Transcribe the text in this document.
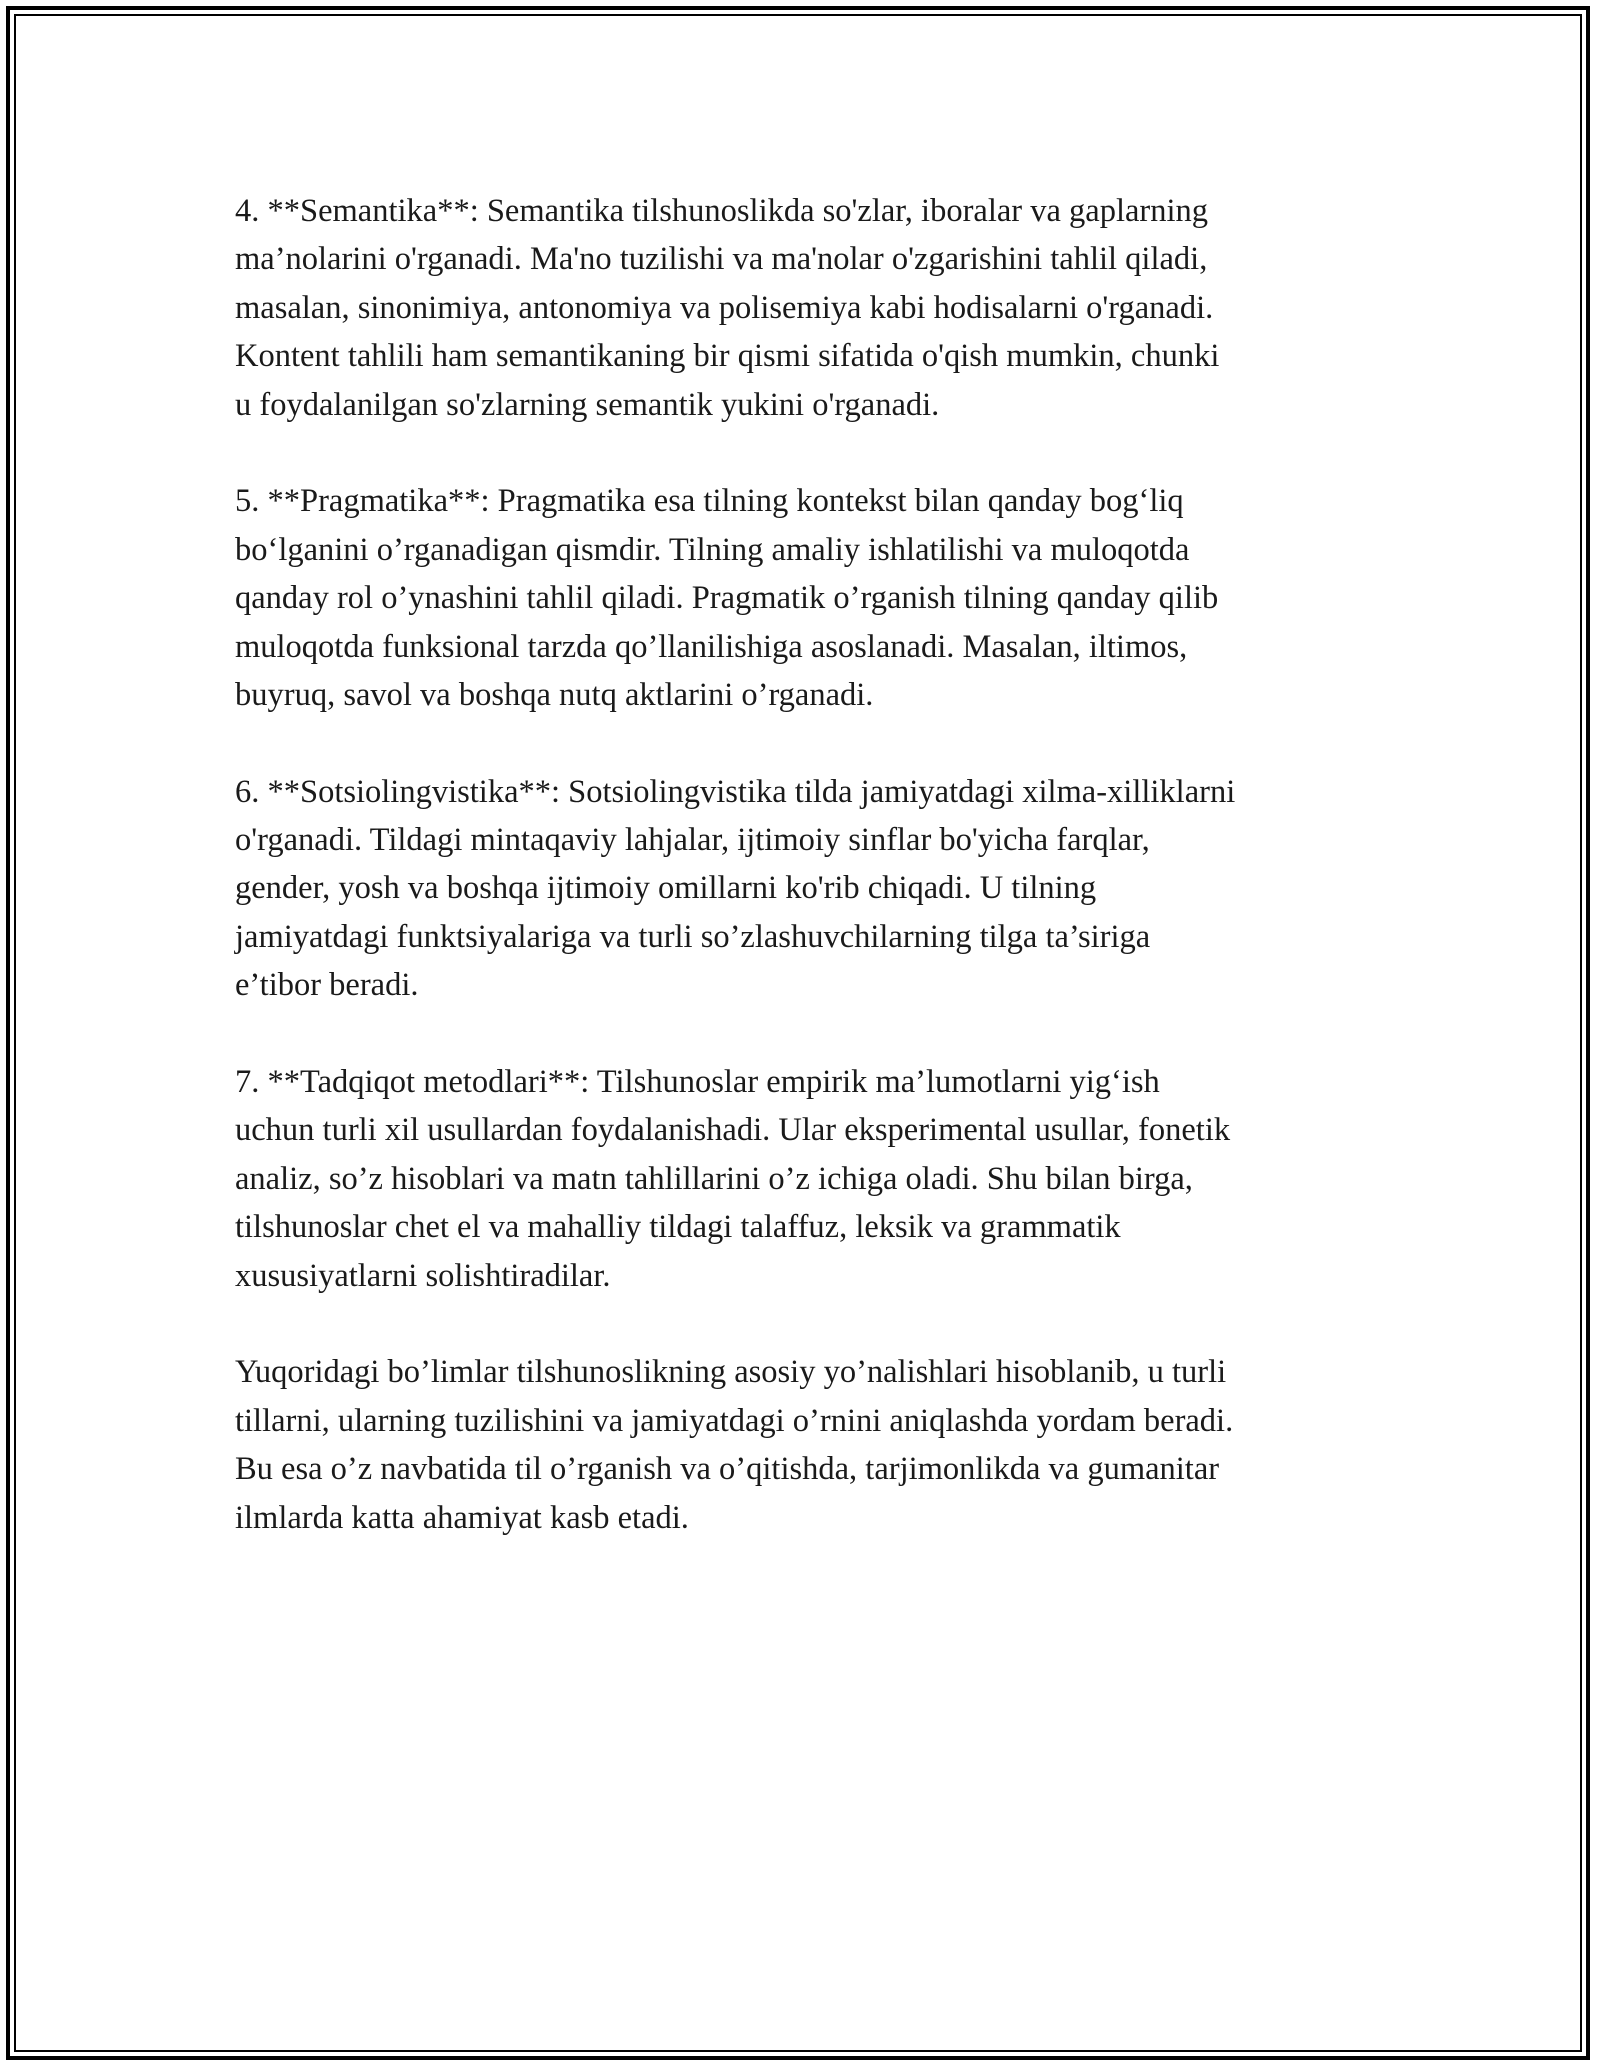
4. **Semantika**: Semantika tilshunoslikda so'zlar, iboralar va gaplarning
ma’nolarini o'rganadi. Ma'no tuzilishi va ma'nolar o'zgarishini tahlil qiladi,
masalan, sinonimiya, antonomiya va polisemiya kabi hodisalarni o'rganadi.
Kontent tahlili ham semantikaning bir qismi sifatida o'qish mumkin, chunki
u foydalanilgan so'zlarning semantik yukini o'rganadi.

5. **Pragmatika**: Pragmatika esa tilning kontekst bilan qanday bog‘liq
bo‘lganini o’rganadigan qismdir. Tilning amaliy ishlatilishi va muloqotda
qanday rol o’ynashini tahlil qiladi. Pragmatik o’rganish tilning qanday qilib
muloqotda funksional tarzda qo’llanilishiga asoslanadi. Masalan, iltimos,
buyruq, savol va boshqa nutq aktlarini o’rganadi.

6. **Sotsiolingvistika**: Sotsiolingvistika tilda jamiyatdagi xilma-xilliklarni
o'rganadi. Tildagi mintaqaviy lahjalar, ijtimoiy sinflar bo'yicha farqlar,
gender, yosh va boshqa ijtimoiy omillarni ko'rib chiqadi. U tilning
jamiyatdagi funktsiyalariga va turli so’zlashuvchilarning tilga ta’siriga
e’tibor beradi.

7. **Tadqiqot metodlari**: Tilshunoslar empirik ma’lumotlarni yig‘ish
uchun turli xil usullardan foydalanishadi. Ular eksperimental usullar, fonetik
analiz, so’z hisoblari va matn tahlillarini o’z ichiga oladi. Shu bilan birga,
tilshunoslar chet el va mahalliy tildagi talaffuz, leksik va grammatik
xususiyatlarni solishtiradilar.

Yuqoridagi bo’limlar tilshunoslikning asosiy yo’nalishlari hisoblanib, u turli
tillarni, ularning tuzilishini va jamiyatdagi o’rnini aniqlashda yordam beradi.
Bu esa o’z navbatida til o’rganish va o’qitishda, tarjimonlikda va gumanitar
ilmlarda katta ahamiyat kasb etadi.
